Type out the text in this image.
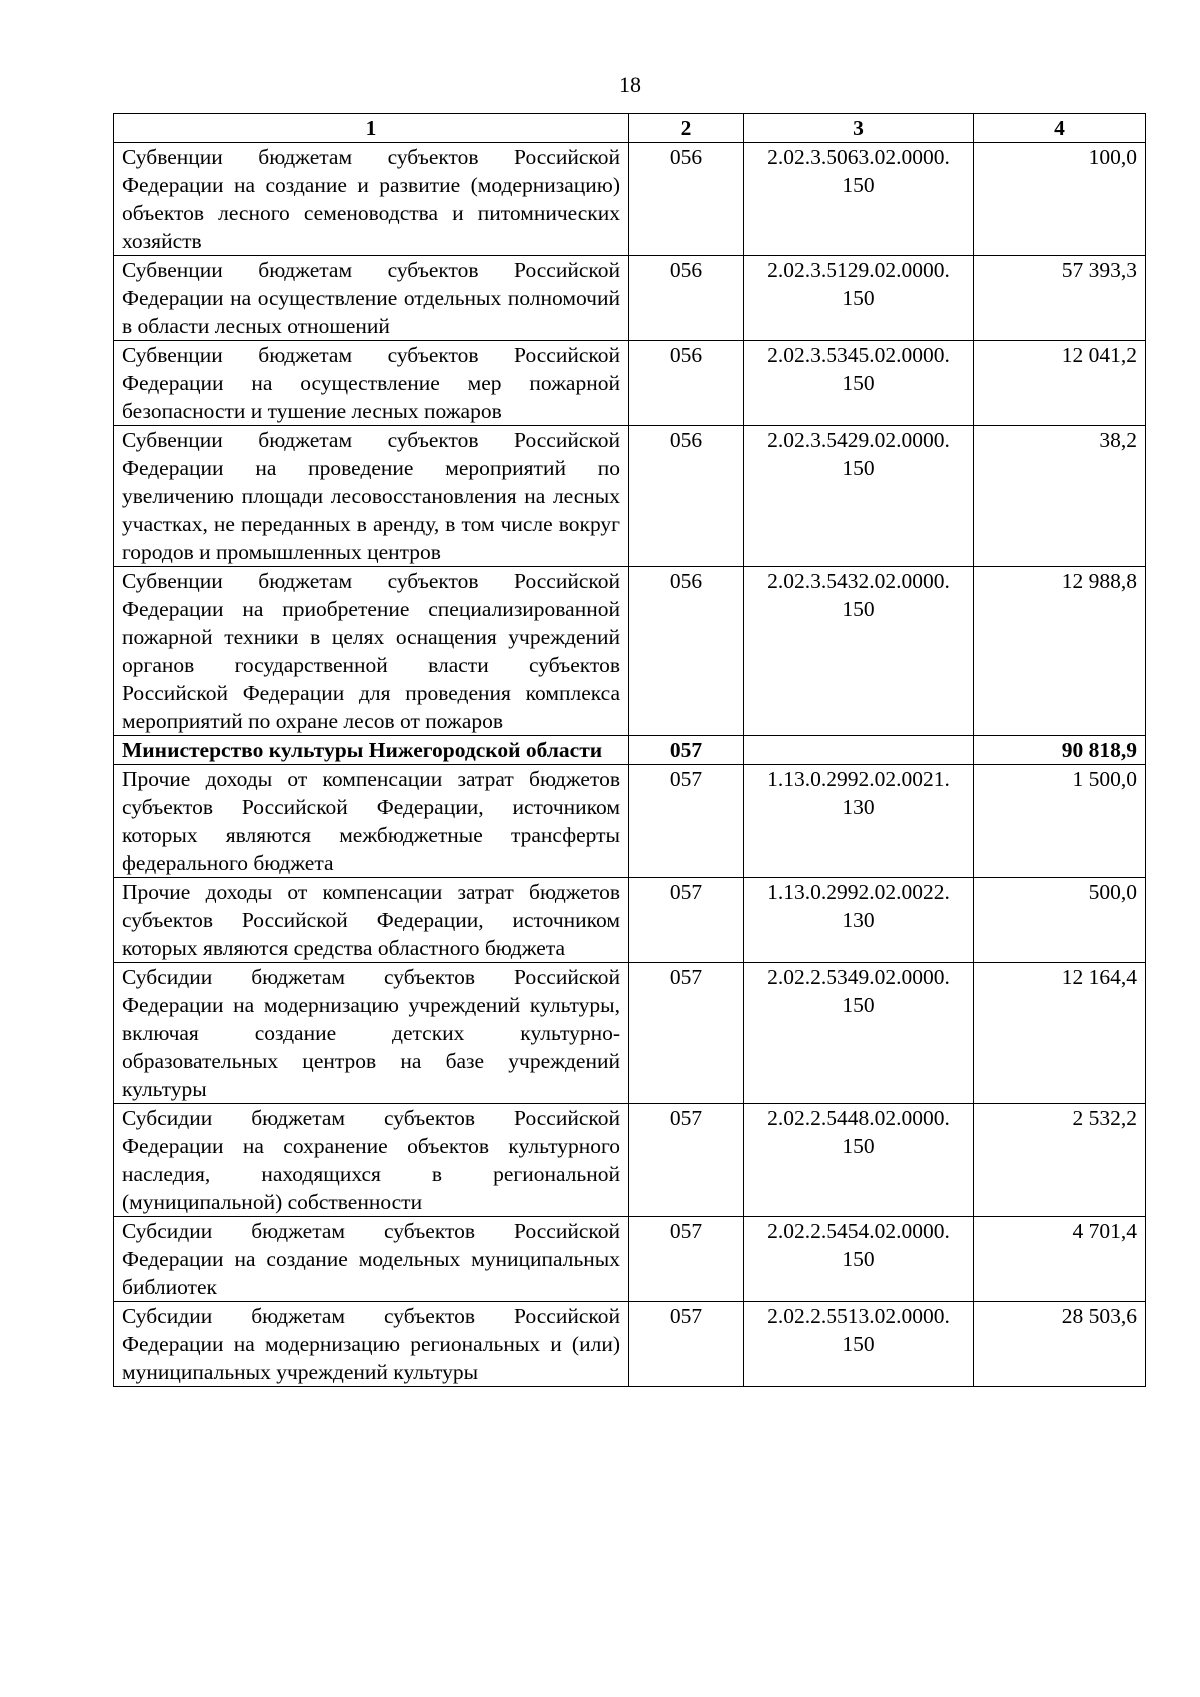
18
1	2	3	4
Субвенции бюджетам субъектов Российской Федерации на создание и развитие (модернизацию) объектов лесного семеноводства и питомнических хозяйств	056	2.02.3.5063.02.0000. 150	100,0
Субвенции бюджетам субъектов Российской Федерации на осуществление отдельных полномочий в области лесных отношений	056	2.02.3.5129.02.0000. 150	57 393,3
Субвенции бюджетам субъектов Российской Федерации на осуществление мер пожарной безопасности и тушение лесных пожаров	056	2.02.3.5345.02.0000. 150	12 041,2
Субвенции бюджетам субъектов Российской Федерации на проведение мероприятий по увеличению площади лесовосстановления на лесных участках, не переданных в аренду, в том числе вокруг городов и промышленных центров	056	2.02.3.5429.02.0000. 150	38,2
Субвенции бюджетам субъектов Российской Федерации на приобретение специализированной пожарной техники в целях оснащения учреждений органов государственной власти субъектов Российской Федерации для проведения комплекса мероприятий по охране лесов от пожаров	056	2.02.3.5432.02.0000. 150	12 988,8
Министерство культуры Нижегородской области	057		90 818,9
Прочие доходы от компенсации затрат бюджетов субъектов Российской Федерации, источником которых являются межбюджетные трансферты федерального бюджета	057	1.13.0.2992.02.0021. 130	1 500,0
Прочие доходы от компенсации затрат бюджетов субъектов Российской Федерации, источником которых являются средства областного бюджета	057	1.13.0.2992.02.0022. 130	500,0
Субсидии бюджетам субъектов Российской Федерации на модернизацию учреждений культуры, включая создание детских культурно-образовательных центров на базе учреждений культуры	057	2.02.2.5349.02.0000. 150	12 164,4
Субсидии бюджетам субъектов Российской Федерации на сохранение объектов культурного наследия, находящихся в региональной (муниципальной) собственности	057	2.02.2.5448.02.0000. 150	2 532,2
Субсидии бюджетам субъектов Российской Федерации на создание модельных муниципальных библиотек	057	2.02.2.5454.02.0000. 150	4 701,4
Субсидии бюджетам субъектов Российской Федерации на модернизацию региональных и (или) муниципальных учреждений культуры	057	2.02.2.5513.02.0000. 150	28 503,6
